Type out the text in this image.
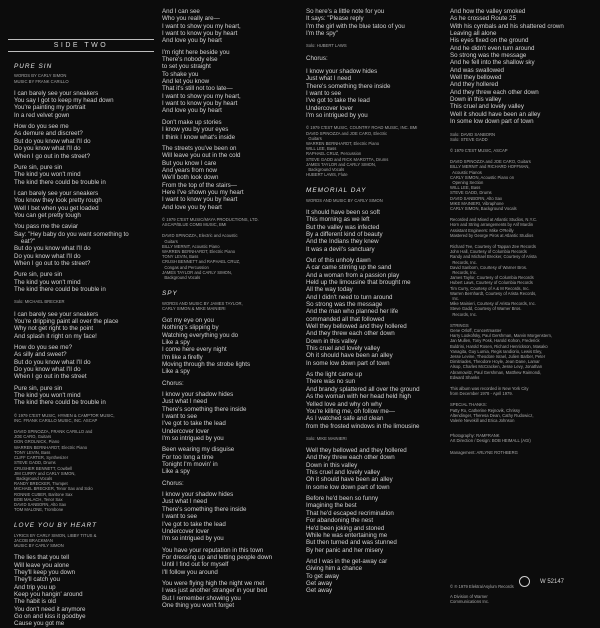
PURE SIN

WORDS BY CARLY SIMON

MUSIC BY FRANK CARILLO

I can barely see your sneakers

You say I got to keep my head down

You're painting my portrait

In a red velvet gown

How do you see me

As demure and discreet?

But do you know what I'll do

Do you know what I'll do

When I go out in the street?

Pure sin, pure sin

The kind you won't mind

The kind there could be trouble in

I can barely see your sneakers

You know they look pretty rough

Well I bet when you get loaded

You can get pretty tough

You pass me the caviar

Say: "Hey baby do you want something to

eat?"

But do you know what I'll do

Do you know what I'll do

When I go out to the street?

Pure sin, pure sin

The kind you won't mind

The kind there could be trouble in

Solo: MICHAEL BRECKER

I can barely see your sneakers

You're dripping paint all over the place

Why not get right to the point

And splash it right on my face!

How do you see me?

As silly and sweet?

But do you know what I'll do

Do you know what I'll do

When I go out in the street

Pure sin, pure sin

The kind you won't mind

The kind there could be trouble in

© 1979 C'EST MUSIC, HYMEN & CAMPTOR MUSIC,

INC. FRANK CARILLO MUSIC, INC. ASCAP

DAVID SPINOZZA, FRANK CARILLO and

JOE CARO, Guitars

DON GROLNICK, Piano

WARREN BERNHARDT, Electric Piano

TONY LEVIN, Bass

CLIFF CARTER, Synthesizer

STEVE GADD, Drums

CRUSHER BENNETT, Cowbell

JIM CURRY and CARLY SIMON,

Background Vocals

RANDY BRECKER, Trumpet

MICHAEL BRECKER, Tenor Sax and Solo

RONNIE CUBER, Baritone Sax

BOB MALACH, Tenor Sax

DAVID SANBORN, Alto Sax

TOM MALONE, Trombone

LOVE YOU BY HEART

LYRICS BY CARLY SIMON, LIBBY TITUS &

JACOB BRACKMAN

MUSIC BY CARLY SIMON

The lies that you tell

Will leave you alone

They'll keep you down

They'll catch you

And trip you up

Keep you hangin' around

The habit is old

You don't need it anymore

Go on and kiss it goodbye

Cause you got me

SIDE TWO

And I can see

Who you really are—

I want to show you my heart,

I want to know you by heart

And love you by heart

I'm right here beside you

There's nobody else

to set you straight

To shake you

And let you know

That it's still not too late—

I want to show you my heart,

I want to know you by heart

And love you by heart

Don't make up stories

I know you by your eyes

I think I know what's inside

The streets you've been on

Will leave you out in the cold

But you know I care

And years from now

We'll both look down

From the top of the stairs—

Here I've shown you my heart

I want to know you by heart

And love you by heart

© 1979 C'EST MUSIC/MAYA PRODUCTIONS, LTD.

ASCAP/BLUE COMB MUSIC, BMI

DAVID SPINOZZA, Electric and Acoustic

Guitars

BILLY MERNIT, Acoustic Piano

WARREN BERNHARDT, Electric Piano

TONY LEVIN, Bass

CRUSH BENNETT and RAPHAEL CRUZ,

Congas and Percussion

JAMES TAYLOR and CARLY SIMON,

Background Vocals

SPY

WORDS AND MUSIC BY JAMES TAYLOR,

CARLY SIMON & MIKE MAINIERI

Got my eye on you

Nothing's slipping by

Watching everything you do

Like a spy

I come here every night

I'm like a firefly

Moving through the strobe lights

Like a spy

Chorus:

I know your shadow hides

Just what I need

There's something there inside

I want to see

I've got to take the lead

Undercover lover

I'm so intrigued by you

Been wearing my disguise

For too long a time

Tonight I'm movin' in

Like a spy

Chorus:

I know your shadow hides

Just what I need

There's something there inside

I want to see

I've got to take the lead

Undercover lover

I'm so intrigued by you

You have your reputation in this town

For dressing up and letting people down

Until I find out for myself

I'll follow you around

You were flying high the night we met

I was just another stranger in your bed

But I remember showing you

One thing you won't forget

So here's a little note for you

It says: "Please reply

I'm the girl with the blue tatoo of you

I'm the spy"

Solo: HUBERT LAWS

Chorus:

I know your shadow hides

Just what I need

There's something there inside

I want to see

I've got to take the lead

Undercover lover

I'm so intrigued by you

© 1979 C'EST MUSIC, COUNTRY ROAD MUSIC, INC. BMI

DAVID SPINOZZA and JOE CARO, Electric

Guitars

WARREN BERNHARDT, Electric Piano

WILL LEE, Bass

RAPHAEL CRUZ, Percussion

STEVE GADD and RICK MAROTTA, Drums

JAMES TAYLOR and CARLY SIMON,

Background Vocals

HUBERT LAWS, Flute

MEMORIAL DAY

WORDS AND MUSIC BY CARLY SIMON

It should have been so soft

This morning as we left

But the valley was infected

By a different kind of beauty

And the Indians they knew

It was a devil's sanctuary

Out of this unholy dawn

A car came stirring up the sand

And a woman from a passion play

Held up the limousine that brought me

All the way today

And I didn't need to turn around

So strong was the message

And the man who planned her life

commanded all that followed

Well they bellowed and they hollered

And they threw each other down

Down in this valley

This cruel and lovely valley

Oh it should have been an alley

In some low down part of town

As the light came up

There was no sun

And brandy splattered all over the ground

As the woman with her head held high

Yelled love and why oh why

You're killing me, oh follow me—

As I watched safe and clean

from the frosted windows in the limousine

Solo: MIKE MAINIERI

Well they bellowed and they hollered

And they threw each other down

Down in this valley

This cruel and lovely valley

Oh it should have been an alley

In some low down part of town

Before he'd been so funny

Imagining the best

That he'd escaped recrimination

For abandoning the nest

He'd been joking and stoned

While he was entertaining me

But then turned and was stunned

By her panic and her misery

And I was in the get-away car

Giving him a chance

To get away

Get away

Get away

And how the valley smoked

As he crossed Route 25

With his cymbals and his shattered crown

Leaving all alone

His eyes fixed on the ground

And he didn't even turn around

So strong was the message

And he fell into the shallow sky

And was swallowed

Well they bellowed

And they hollered

And they threw each other down

Down in this valley

This cruel and lovely valley

Well it should have been an alley

In some low down part of town

Solo: DAVID SANBORN

Solo: STEVE GADD

© 1979 C'EST MUSIC, ASCAP

DAVID SPINOZZA and JOE CARO, Guitars

BILLY MERNIT and RICHARD HOFFMAN,

Acoustic Pianos

CARLY SIMON, Acoustic Piano on

Opening Section

WILL LEE, Bass

STEVE GADD, Drums

DAVID SANBORN, Alto Sax

MIKE MAINIERI, Vibraphone

CARLY SIMON, Background Vocals

Recorded and Mixed at Atlantic Studios, N.Y.C.

Horn and String arrangements by Arif Mardin

Assistant Engineers: Mike O'Reilly

Mastered by George Piros at Atlantic Studios

Richard Tee, Courtesy of Tappan Zee Records

John Hall, Courtesy of Columbia Records

Randy and Michael Brecker, Courtesy of Arista

Records, Inc.

David Sanborn, Courtesy of Warner Bros.

Records, Inc.

James Taylor, Courtesy of Columbia Records

Hubert Laws, Courtesy of Columbia Records

Tim Curry, Courtesy of A & M Records, Inc.

Warren Bernhardt, Courtesy of Arista Records,

Inc.

Mike Mainieri, Courtesy of Arista Records, Inc.

Steve Gadd, Courtesy of Warner Bros.

Records, Inc.

STRINGS

Gene Orloff, Concertmaster

Harry Lookofsky, Paul Gershman, Marvin Morgenstern,

Jan Mullen, Tony Posk, Harold Kohon, Frederick

Buldrini, Harold Rosen, Richard Henrickson, Masako

Yanagita, Guy Lumia, Regis Iandiorio, Lewis Eley,

Jesse Levine, Theodore Israel, Julien Barber, Peter

Dimitriades, Theodore Hoyle, Jean Dane, Lamar

Alsop, Charles McCracken, Jesse Levy, Jonathan

Abramowitz, Paul Gershman, Matthew Raimondi,

Edward Shanks

This album was recorded in New York City

from December 1978 - April 1979.

SPECIAL THANKS:

Patty Ro, Catherine Rejnovik, Chrissy

Altendinger, Theresa Dean, Cathy Rudowicz,

Valerie Nevekill and Erica Johnson

Photography: RAMFRANK

Art Direction / Design: BOB HEIMALL (AGI)

Management: ARLYNE ROTHBERG

© ℗ 1979 Elektra/Asylum Records

A Division of Warner Communications Inc.

W 52147
